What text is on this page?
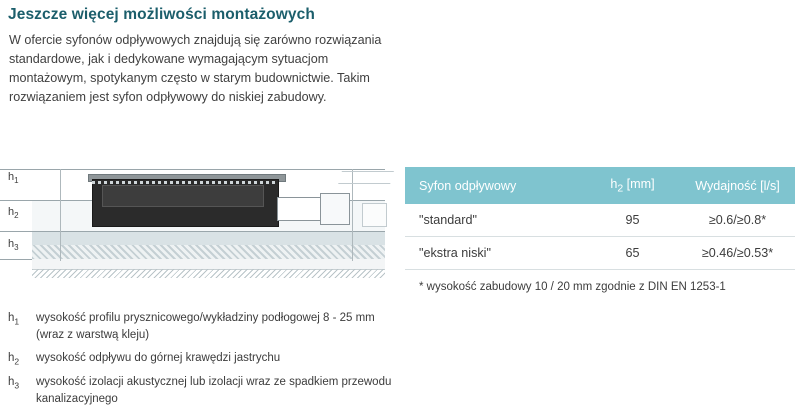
Jeszcze więcej możliwości montażowych
W ofercie syfonów odpływowych znajdują się zarówno rozwiązania standardowe, jak i dedykowane wymagającym sytuacjom montażowym, spotykanym często w starym budownictwie. Takim rozwiązaniem jest syfon odpływowy do niskiej zabudowy.
$h_1$
$h_2$
$h_3$
$h_1$ wysokość profilu prysznicowego/wykładziny podłogowej 8 - 25 mm (wraz z warstwą kleju)
$h_2$ wysokość odpływu do górnej krawędzi jastrychu
$h_3$ wysokość izolacji akustycznej lub izolacji wraz ze spadkiem przewodu kanalizacyjnego
Syfon odpływowy	$h_2$ [mm]	Wydajność [l/s]
"standard"	95	≥0.6/≥0.8*
"ekstra niski"	65	≥0.46/≥0.53*
* wysokość zabudowy 10 / 20 mm zgodnie z DIN EN 1253-1
